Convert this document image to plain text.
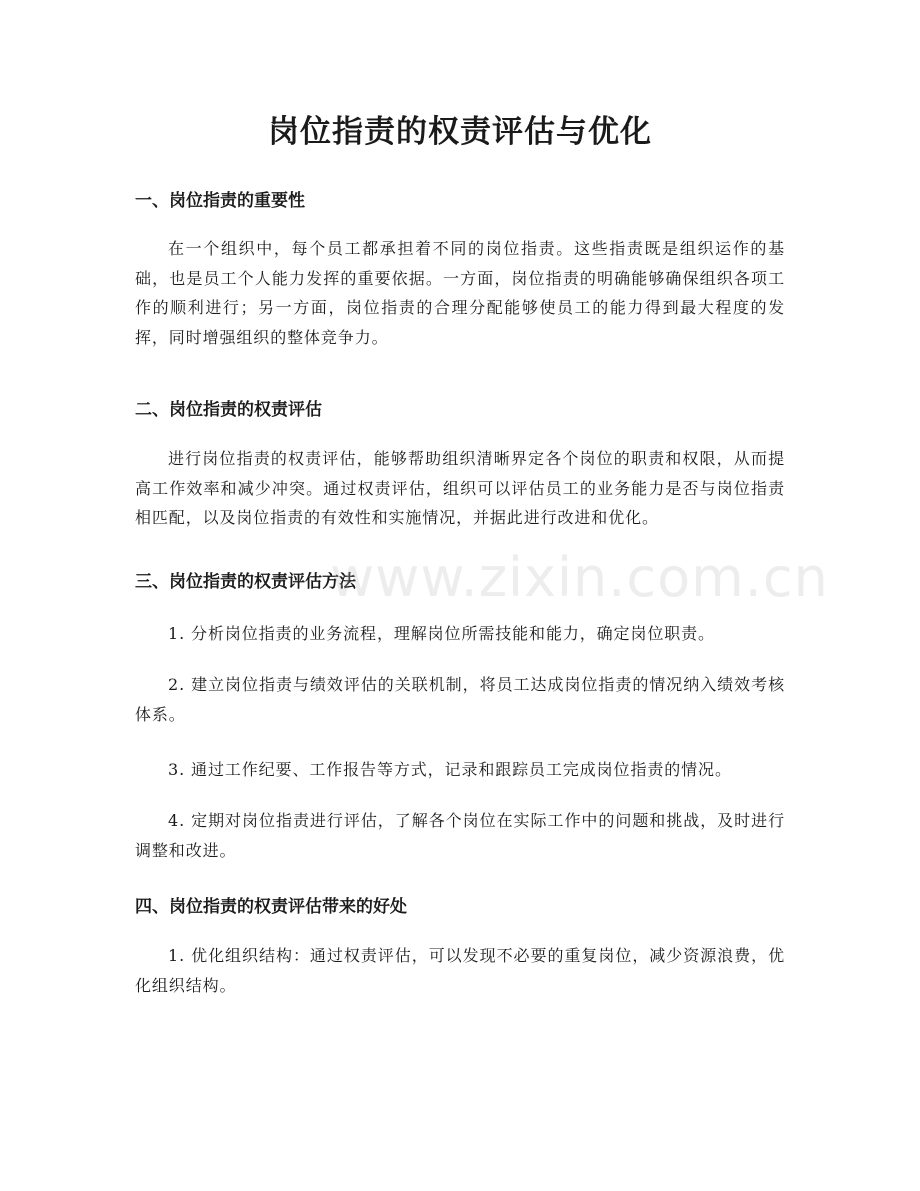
岗位指责的权责评估与优化
一、岗位指责的重要性

在一个组织中，每个员工都承担着不同的岗位指责。这些指责既是组织运作的基础，也是员工个人能力发挥的重要依据。一方面，岗位指责的明确能够确保组织各项工作的顺利进行；另一方面，岗位指责的合理分配能够使员工的能力得到最大程度的发挥，同时增强组织的整体竞争力。

二、岗位指责的权责评估

进行岗位指责的权责评估，能够帮助组织清晰界定各个岗位的职责和权限，从而提高工作效率和减少冲突。通过权责评估，组织可以评估员工的业务能力是否与岗位指责相匹配，以及岗位指责的有效性和实施情况，并据此进行改进和优化。

三、岗位指责的权责评估方法

1. 分析岗位指责的业务流程，理解岗位所需技能和能力，确定岗位职责。

2. 建立岗位指责与绩效评估的关联机制，将员工达成岗位指责的情况纳入绩效考核体系。

3. 通过工作纪要、工作报告等方式，记录和跟踪员工完成岗位指责的情况。

4. 定期对岗位指责进行评估，了解各个岗位在实际工作中的问题和挑战，及时进行调整和改进。

四、岗位指责的权责评估带来的好处

1. 优化组织结构：通过权责评估，可以发现不必要的重复岗位，减少资源浪费，优化组织结构。

www.zixin.com.cn
